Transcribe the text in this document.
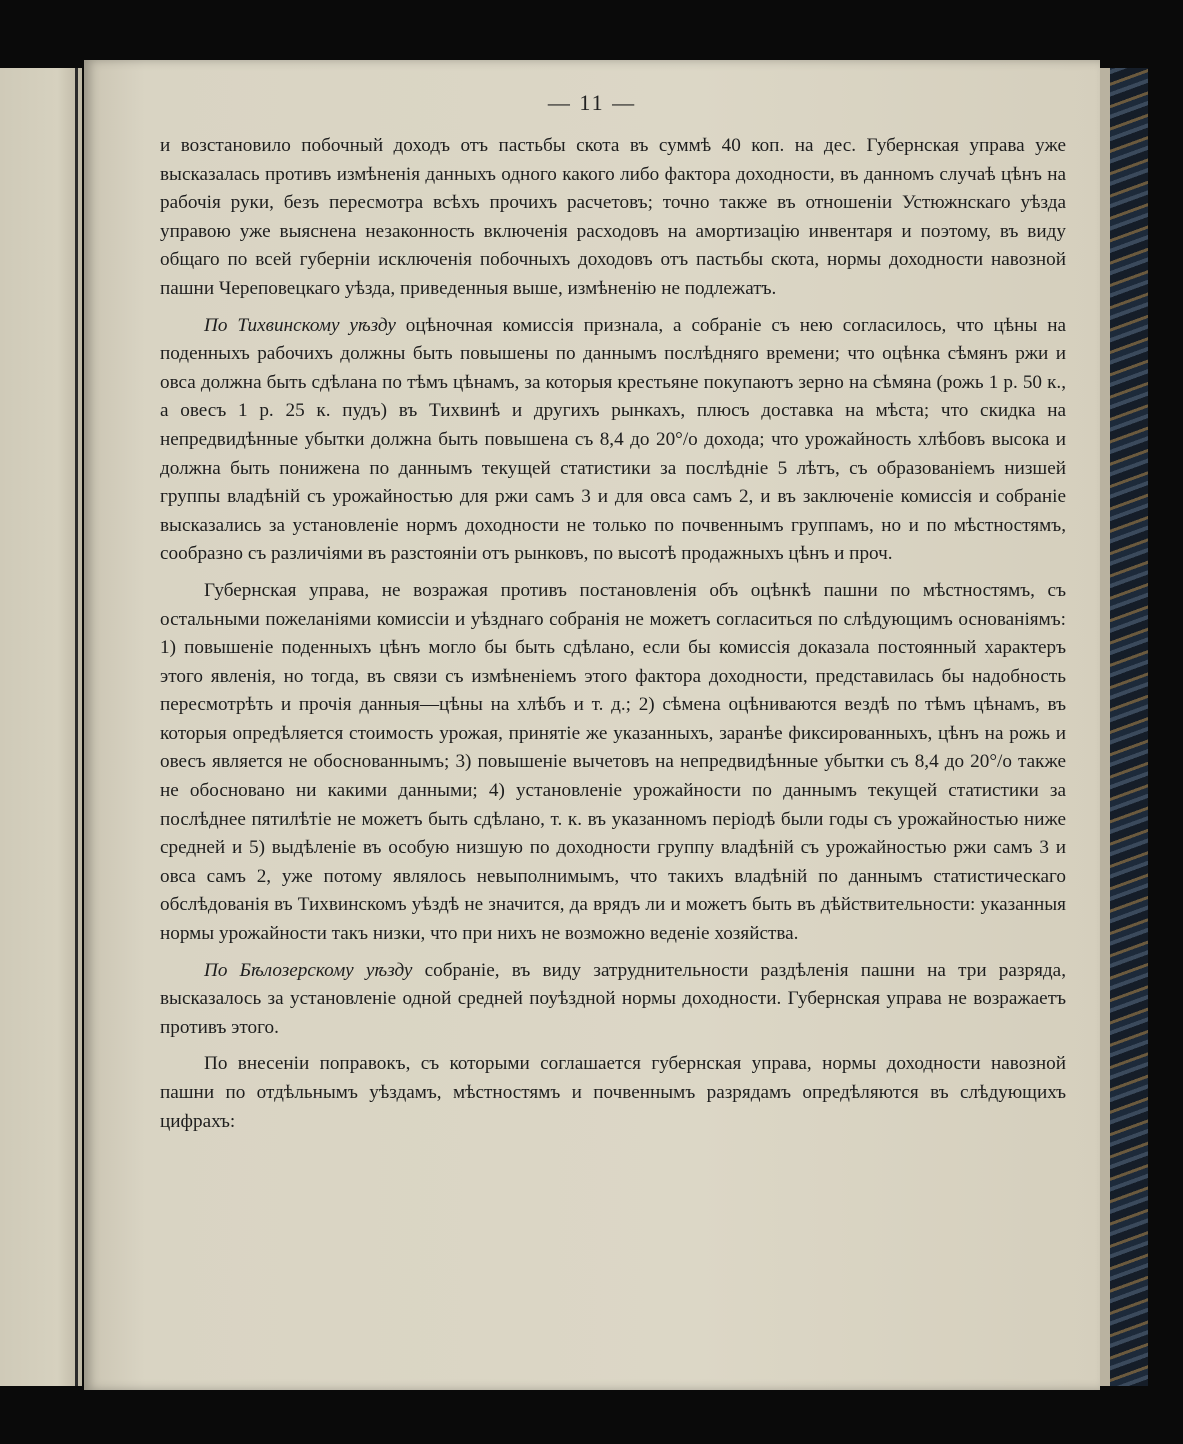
— 11 —

и возстановило побочный доходъ отъ пастьбы скота въ суммѣ 40 коп. на дес. Губернская управа уже высказалась противъ измѣненія данныхъ одного какого либо фактора доходности, въ данномъ случаѣ цѣнъ на рабочія руки, безъ пересмотра всѣхъ прочихъ расчетовъ; точно также въ отношеніи Устюжнскаго уѣзда управою уже выяснена незаконность включенія расходовъ на амортизацію инвентаря и поэтому, въ виду общаго по всей губерніи исключенія побочныхъ доходовъ отъ пастьбы скота, нормы доходности навозной пашни Череповецкаго уѣзда, приведенныя выше, измѣненію не подлежатъ.

По Тихвинскому уѣзду оцѣночная комиссія признала, а собраніе съ нею согласилось, что цѣны на поденныхъ рабочихъ должны быть повышены по даннымъ послѣдняго времени; что оцѣнка сѣмянъ ржи и овса должна быть сдѣлана по тѣмъ цѣнамъ, за которыя крестьяне покупаютъ зерно на сѣмяна (рожь 1 р. 50 к., а овесъ 1 р. 25 к. пудъ) въ Тихвинѣ и другихъ рынкахъ, плюсъ доставка на мѣста; что скидка на непредвидѣнные убытки должна быть повышена съ 8,4 до 20°/о дохода; что урожайность хлѣбовъ высока и должна быть понижена по даннымъ текущей статистики за послѣдніе 5 лѣтъ, съ образованіемъ низшей группы владѣній съ урожайностью для ржи самъ 3 и для овса самъ 2, и въ заключеніе комиссія и собраніе высказались за установленіе нормъ доходности не только по почвеннымъ группамъ, но и по мѣстностямъ, сообразно съ различіями въ разстояніи отъ рынковъ, по высотѣ продажныхъ цѣнъ и проч.

Губернская управа, не возражая противъ постановленія объ оцѣнкѣ пашни по мѣстностямъ, съ остальными пожеланіями комиссіи и уѣзднаго собранія не можетъ согласиться по слѣдующимъ основаніямъ: 1) повышеніе поденныхъ цѣнъ могло бы быть сдѣлано, если бы комиссія доказала постоянный характеръ этого явленія, но тогда, въ связи съ измѣненіемъ этого фактора доходности, представилась бы надобность пересмотрѣть и прочія данныя—цѣны на хлѣбъ и т. д.; 2) сѣмена оцѣниваются вездѣ по тѣмъ цѣнамъ, въ которыя опредѣляется стоимость урожая, принятіе же указанныхъ, заранѣе фиксированныхъ, цѣнъ на рожь и овесъ является не обоснованнымъ; 3) повышеніе вычетовъ на непредвидѣнные убытки съ 8,4 до 20°/о также не обосновано ни какими данными; 4) установленіе урожайности по даннымъ текущей статистики за послѣднее пятилѣтіе не можетъ быть сдѣлано, т. к. въ указанномъ періодѣ были годы съ урожайностью ниже средней и 5) выдѣленіе въ особую низшую по доходности группу владѣній съ урожайностью ржи самъ 3 и овса самъ 2, уже потому являлось невыполнимымъ, что такихъ владѣній по даннымъ статистическаго обслѣдованія въ Тихвинскомъ уѣздѣ не значится, да врядъ ли и можетъ быть въ дѣйствительности: указанныя нормы урожайности такъ низки, что при нихъ не возможно веденіе хозяйства.

По Бѣлозерскому уѣзду собраніе, въ виду затруднительности раздѣленія пашни на три разряда, высказалось за установленіе одной средней поуѣздной нормы доходности. Губернская управа не возражаетъ противъ этого.

По внесеніи поправокъ, съ которыми соглашается губернская управа, нормы доходности навозной пашни по отдѣльнымъ уѣздамъ, мѣстностямъ и почвеннымъ разрядамъ опредѣляются въ слѣдующихъ цифрахъ:
